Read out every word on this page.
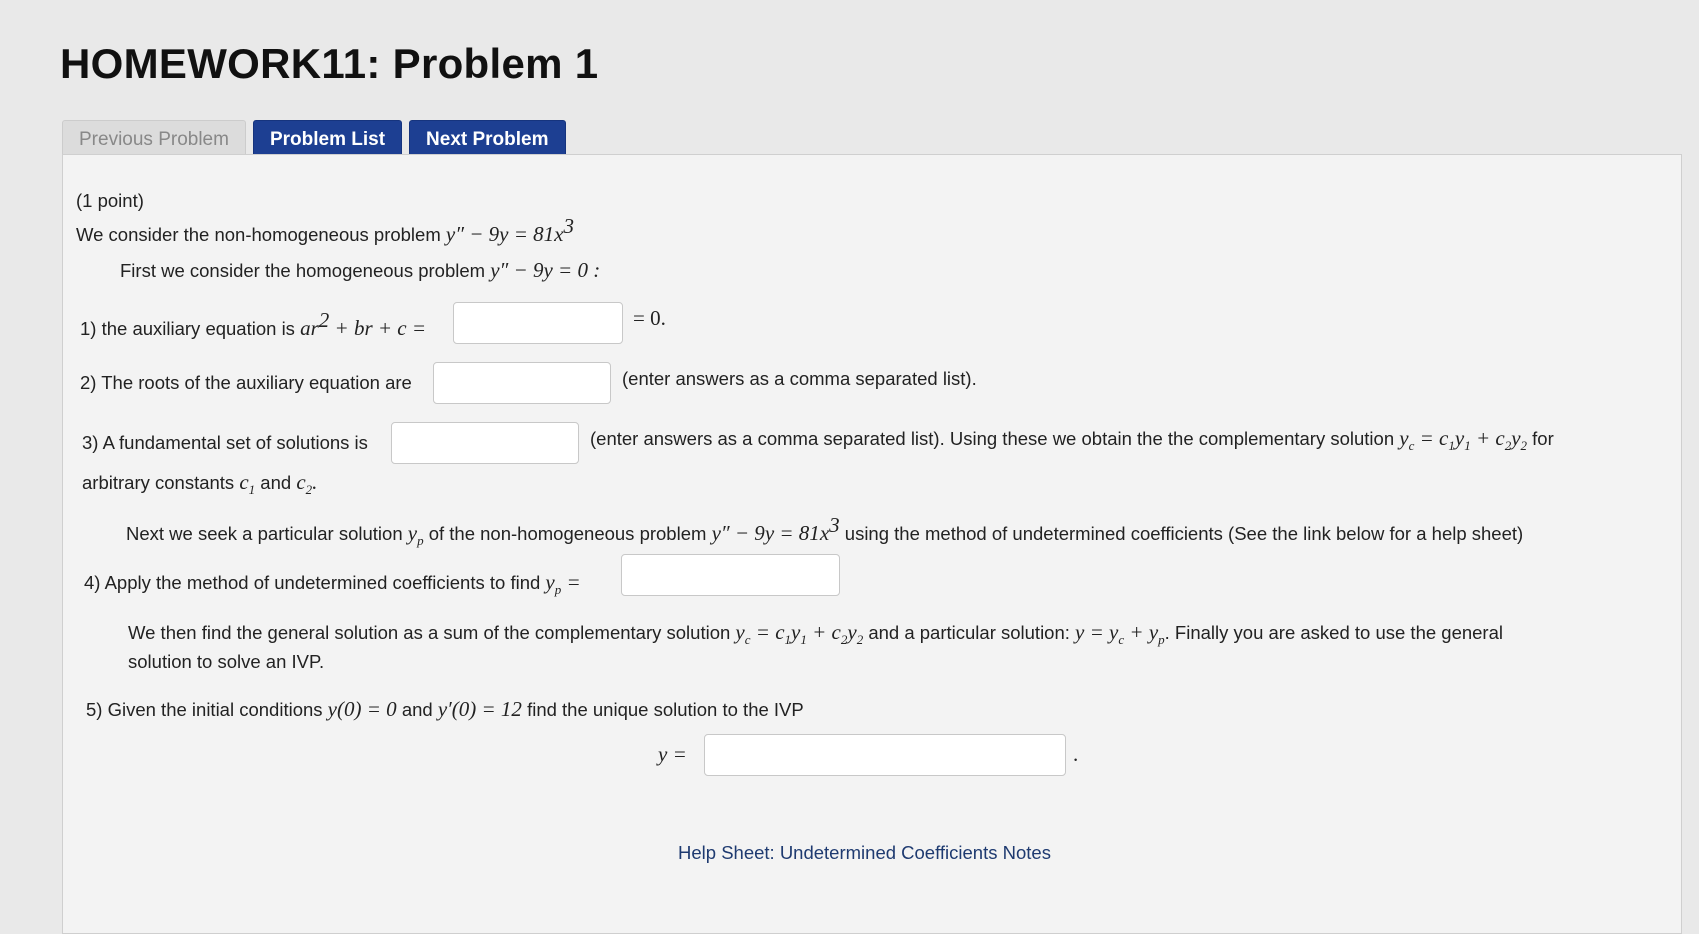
HOMEWORK11: Problem 1
Previous Problem	Problem List	Next Problem
(1 point)
We consider the non-homogeneous problem $y'' - 9y = 81x^3$
First we consider the homogeneous problem y″ − 9y = 0 :
1) the auxiliary equation is $ar^2$ + br + c =	= 0.
2) The roots of the auxiliary equation are	(enter answers as a comma separated list).
3) A fundamental set of solutions is	(enter answers as a comma separated list). Using these we obtain the the complementary solution $y_c = c_1y_1 + c_2y_2$ for
arbitrary constants $c_1$ and $c_2$.
Next we seek a particular solution $y_p$ of the non-homogeneous problem $y'' - 9y = 81x^3$ using the method of undetermined coefficients (See the link below for a help sheet)
4) Apply the method of undetermined coefficients to find $y_p$ =
We then find the general solution as a sum of the complementary solution $y_c = c_1y_1 + c_2y_2$ and a particular solution: $y = y_c + y_p$. Finally you are asked to use the general
solution to solve an IVP.
5) Given the initial conditions y(0) = 0 and y′(0) = 12 find the unique solution to the IVP
y =	.
Help Sheet: Undetermined Coefficients Notes
